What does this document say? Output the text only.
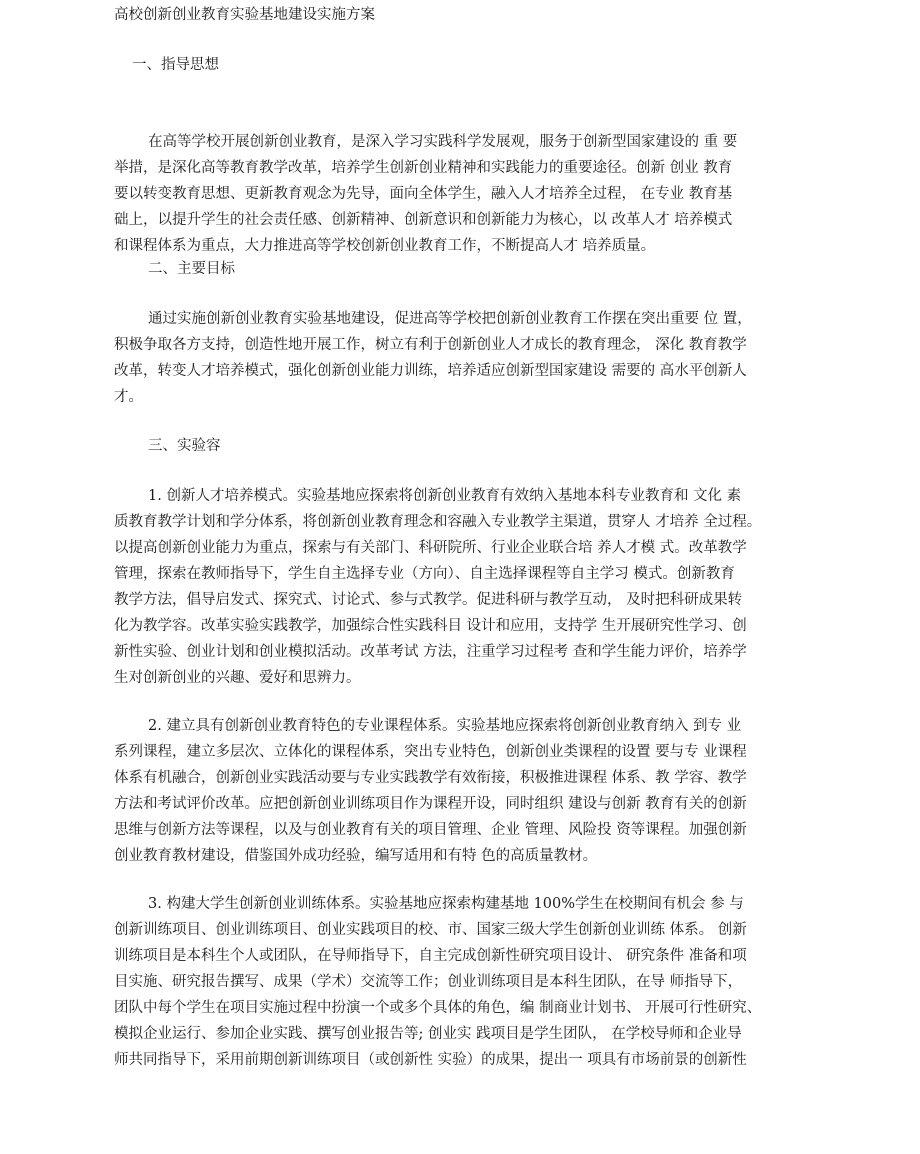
高校创新创业教育实验基地建设实施方案
一、指导思想
在高等学校开展创新创业教育，是深入学习实践科学发展观，服务于创新型国家建设的 重 要
举措，是深化高等教育教学改革，培养学生创新创业精神和实践能力的重要途径。创新 创业 教育
要以转变教育思想、更新教育观念为先导，面向全体学生，融入人才培养全过程， 在专业 教育基
础上，以提升学生的社会责任感、创新精神、创新意识和创新能力为核心，以 改革人才 培养模式
和课程体系为重点，大力推进高等学校创新创业教育工作，不断提高人才 培养质量。
二、主要目标
通过实施创新创业教育实验基地建设，促进高等学校把创新创业教育工作摆在突出重要 位 置，
积极争取各方支持，创造性地开展工作，树立有利于创新创业人才成长的教育理念， 深化 教育教学
改革，转变人才培养模式，强化创新创业能力训练，培养适应创新型国家建设 需要的 高水平创新人
才。
三、实验容
1. 创新人才培养模式。实验基地应探索将创新创业教育有效纳入基地本科专业教育和 文化 素
质教育教学计划和学分体系，将创新创业教育理念和容融入专业教学主渠道，贯穿人 才培养 全过程。
以提高创新创业能力为重点，探索与有关部门、科研院所、行业企业联合培 养人才模 式。改革教学
管理，探索在教师指导下，学生自主选择专业（方向）、自主选择课程等自主学习 模式。创新教育
教学方法，倡导启发式、探究式、讨论式、参与式教学。促进科研与教学互动， 及时把科研成果转
化为教学容。改革实验实践教学，加强综合性实践科目 设计和应用，支持学 生开展研究性学习、创
新性实验、创业计划和创业模拟活动。改革考试 方法，注重学习过程考 查和学生能力评价，培养学
生对创新创业的兴趣、爱好和思辨力。
2. 建立具有创新创业教育特色的专业课程体系。实验基地应探索将创新创业教育纳入 到专 业
系列课程，建立多层次、立体化的课程体系，突出专业特色，创新创业类课程的设置 要与专 业课程
体系有机融合，创新创业实践活动要与专业实践教学有效衔接，积极推进课程 体系、教 学容、教学
方法和考试评价改革。应把创新创业训练项目作为课程开设，同时组织 建设与创新 教育有关的创新
思维与创新方法等课程，以及与创业教育有关的项目管理、企业 管理、风险投 资等课程。加强创新
创业教育教材建设，借鉴国外成功经验，编写适用和有特 色的高质量教材。
3. 构建大学生创新创业训练体系。实验基地应探索构建基地 100%学生在校期间有机会 参 与
创新训练项目、创业训练项目、创业实践项目的校、市、国家三级大学生创新创业训练 体系。 创新
训练项目是本科生个人或团队，在导师指导下，自主完成创新性研究项目设计、 研究条件 准备和项
目实施、研究报告撰写、成果（学术）交流等工作；创业训练项目是本科生团队，在导 师指导下，
团队中每个学生在项目实施过程中扮演一个或多个具体的角色，编 制商业计划书、 开展可行性研究、
模拟企业运行、参加企业实践、撰写创业报告等; 创业实 践项目是学生团队， 在学校导师和企业导
师共同指导下，采用前期创新训练项目（或创新性 实验）的成果，提出一 项具有市场前景的创新性
